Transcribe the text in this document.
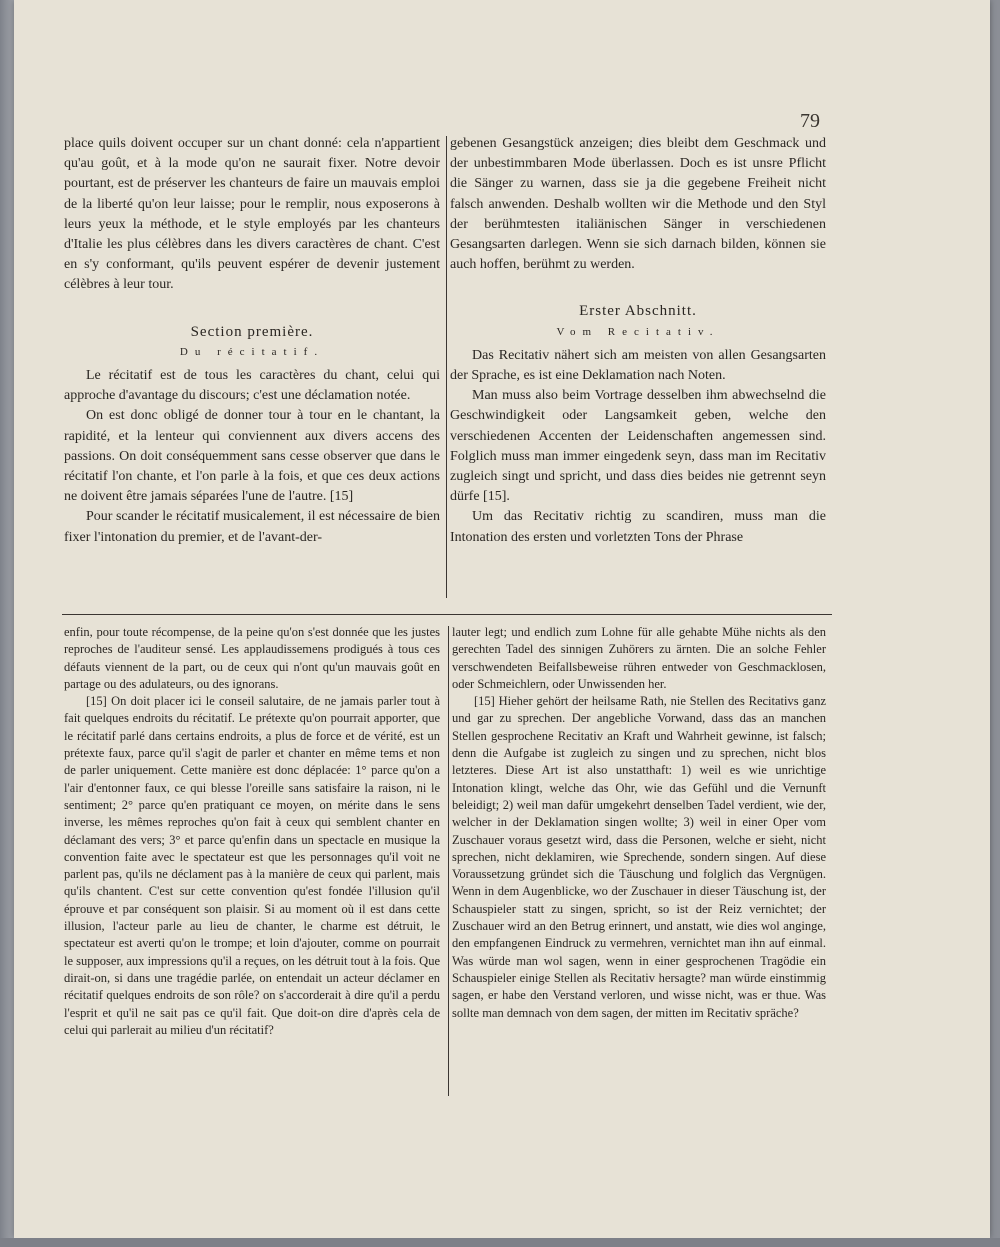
79

place quils doivent occuper sur un chant donné: cela n'appartient qu'au goût, et à la mode qu'on ne saurait fixer. Notre devoir pourtant, est de préserver les chanteurs de faire un mauvais emploi de la liberté qu'on leur laisse; pour le remplir, nous exposerons à leurs yeux la méthode, et le style employés par les chanteurs d'Italie les plus célèbres dans les divers caractères de chant. C'est en s'y conformant, qu'ils peuvent espérer de devenir justement célèbres à leur tour.

Section première.

Du récitatif.

Le récitatif est de tous les caractères du chant, celui qui approche d'avantage du discours; c'est une déclamation notée.

On est donc obligé de donner tour à tour en le chantant, la rapidité, et la lenteur qui conviennent aux divers accens des passions. On doit conséquemment sans cesse observer que dans le récitatif l'on chante, et l'on parle à la fois, et que ces deux actions ne doivent être jamais séparées l'une de l'autre. [15]

Pour scander le récitatif musicalement, il est nécessaire de bien fixer l'intonation du premier, et de l'avant-der-

gebenen Gesangstück anzeigen; dies bleibt dem Geschmack und der unbestimmbaren Mode überlassen. Doch es ist unsre Pflicht die Sänger zu warnen, dass sie ja die gegebene Freiheit nicht falsch anwenden. Deshalb wollten wir die Methode und den Styl der berühmtesten italiänischen Sänger in verschiedenen Gesangsarten darlegen. Wenn sie sich darnach bilden, können sie auch hoffen, berühmt zu werden.

Erster Abschnitt.

Vom Recitativ.

Das Recitativ nähert sich am meisten von allen Gesangsarten der Sprache, es ist eine Deklamation nach Noten.

Man muss also beim Vortrage desselben ihm abwechselnd die Geschwindigkeit oder Langsamkeit geben, welche den verschiedenen Accenten der Leidenschaften angemessen sind. Folglich muss man immer eingedenk seyn, dass man im Recitativ zugleich singt und spricht, und dass dies beides nie getrennt seyn dürfe [15].

Um das Recitativ richtig zu scandiren, muss man die Intonation des ersten und vorletzten Tons der Phrase

enfin, pour toute récompense, de la peine qu'on s'est donnée que les justes reproches de l'auditeur sensé. Les applaudissemens prodigués à tous ces défauts viennent de la part, ou de ceux qui n'ont qu'un mauvais goût en partage ou des adulateurs, ou des ignorans.

[15] On doit placer ici le conseil salutaire, de ne jamais parler tout à fait quelques endroits du récitatif. Le prétexte qu'on pourrait apporter, que le récitatif parlé dans certains endroits, a plus de force et de vérité, est un prétexte faux, parce qu'il s'agit de parler et chanter en même tems et non de parler uniquement. Cette manière est donc déplacée: 1° parce qu'on a l'air d'entonner faux, ce qui blesse l'oreille sans satisfaire la raison, ni le sentiment; 2° parce qu'en pratiquant ce moyen, on mérite dans le sens inverse, les mêmes reproches qu'on fait à ceux qui semblent chanter en déclamant des vers; 3° et parce qu'enfin dans un spectacle en musique la convention faite avec le spectateur est que les personnages qu'il voit ne parlent pas, qu'ils ne déclament pas à la manière de ceux qui parlent, mais qu'ils chantent. C'est sur cette convention qu'est fondée l'illusion qu'il éprouve et par conséquent son plaisir. Si au moment où il est dans cette illusion, l'acteur parle au lieu de chanter, le charme est détruit, le spectateur est averti qu'on le trompe; et loin d'ajouter, comme on pourrait le supposer, aux impressions qu'il a reçues, on les détruit tout à la fois. Que dirait-on, si dans une tragédie parlée, on entendait un acteur déclamer en récitatif quelques endroits de son rôle? on s'accorderait à dire qu'il a perdu l'esprit et qu'il ne sait pas ce qu'il fait. Que doit-on dire d'après cela de celui qui parlerait au milieu d'un récitatif?

lauter legt; und endlich zum Lohne für alle gehabte Mühe nichts als den gerechten Tadel des sinnigen Zuhörers zu ärnten. Die an solche Fehler verschwendeten Beifallsbeweise rühren entweder von Geschmacklosen, oder Schmeichlern, oder Unwissenden her.

[15] Hieher gehört der heilsame Rath, nie Stellen des Recitativs ganz und gar zu sprechen. Der angebliche Vorwand, dass das an manchen Stellen gesprochene Recitativ an Kraft und Wahrheit gewinne, ist falsch; denn die Aufgabe ist zugleich zu singen und zu sprechen, nicht blos letzteres. Diese Art ist also unstatthaft: 1) weil es wie unrichtige Intonation klingt, welche das Ohr, wie das Gefühl und die Vernunft beleidigt; 2) weil man dafür umgekehrt denselben Tadel verdient, wie der, welcher in der Deklamation singen wollte; 3) weil in einer Oper vom Zuschauer voraus gesetzt wird, dass die Personen, welche er sieht, nicht sprechen, nicht deklamiren, wie Sprechende, sondern singen. Auf diese Voraussetzung gründet sich die Täuschung und folglich das Vergnügen. Wenn in dem Augenblicke, wo der Zuschauer in dieser Täuschung ist, der Schauspieler statt zu singen, spricht, so ist der Reiz vernichtet; der Zuschauer wird an den Betrug erinnert, und anstatt, wie dies wol anginge, den empfangenen Eindruck zu vermehren, vernichtet man ihn auf einmal. Was würde man wol sagen, wenn in einer gesprochenen Tragödie ein Schauspieler einige Stellen als Recitativ hersagte? man würde einstimmig sagen, er habe den Verstand verloren, und wisse nicht, was er thue. Was sollte man demnach von dem sagen, der mitten im Recitativ spräche?
